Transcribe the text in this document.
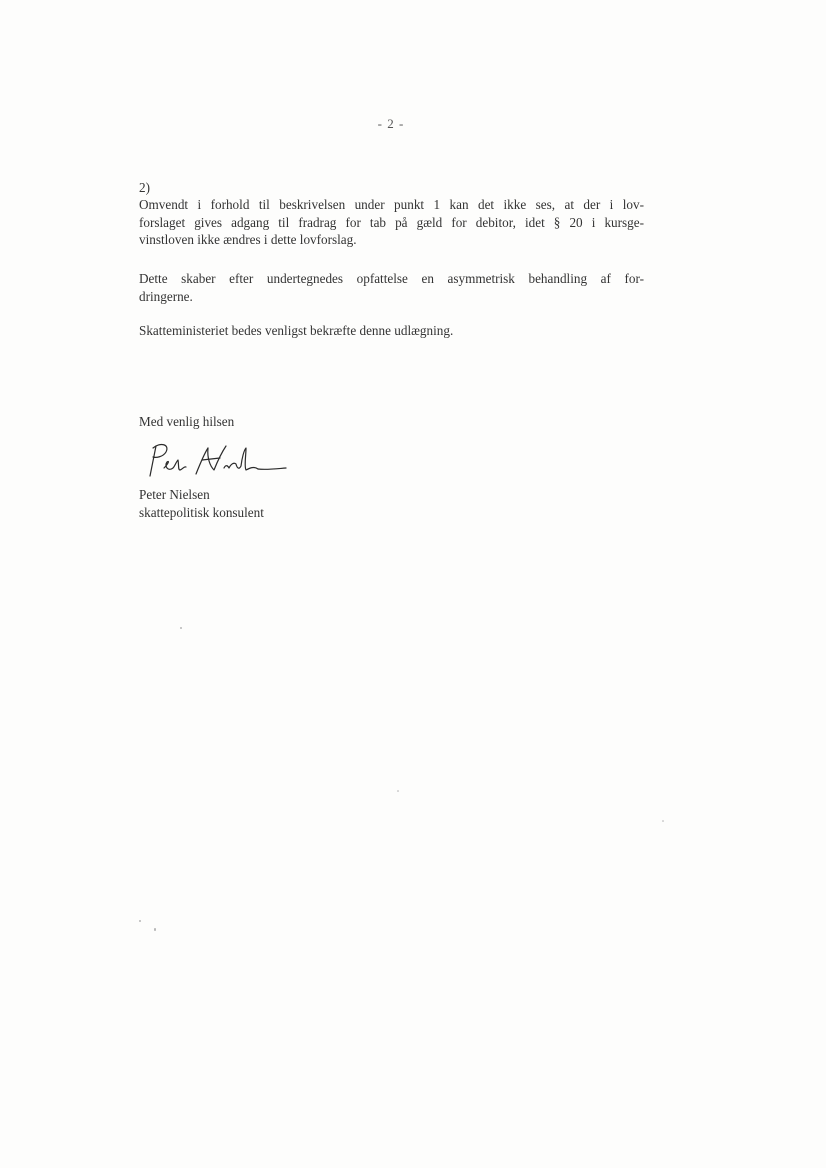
- 2 -

2)

Omvendt i forhold til beskrivelsen under punkt 1 kan det ikke ses, at der i lov-
forslaget gives adgang til fradrag for tab på gæld for debitor, idet § 20 i kursge-
vinstloven ikke ændres i dette lovforslag.

Dette skaber efter undertegnedes opfattelse en asymmetrisk behandling af for-
dringerne.

Skatteministeriet bedes venligst bekræfte denne udlægning.

Med venlig hilsen
Peter Nielsen
skattepolitisk konsulent
